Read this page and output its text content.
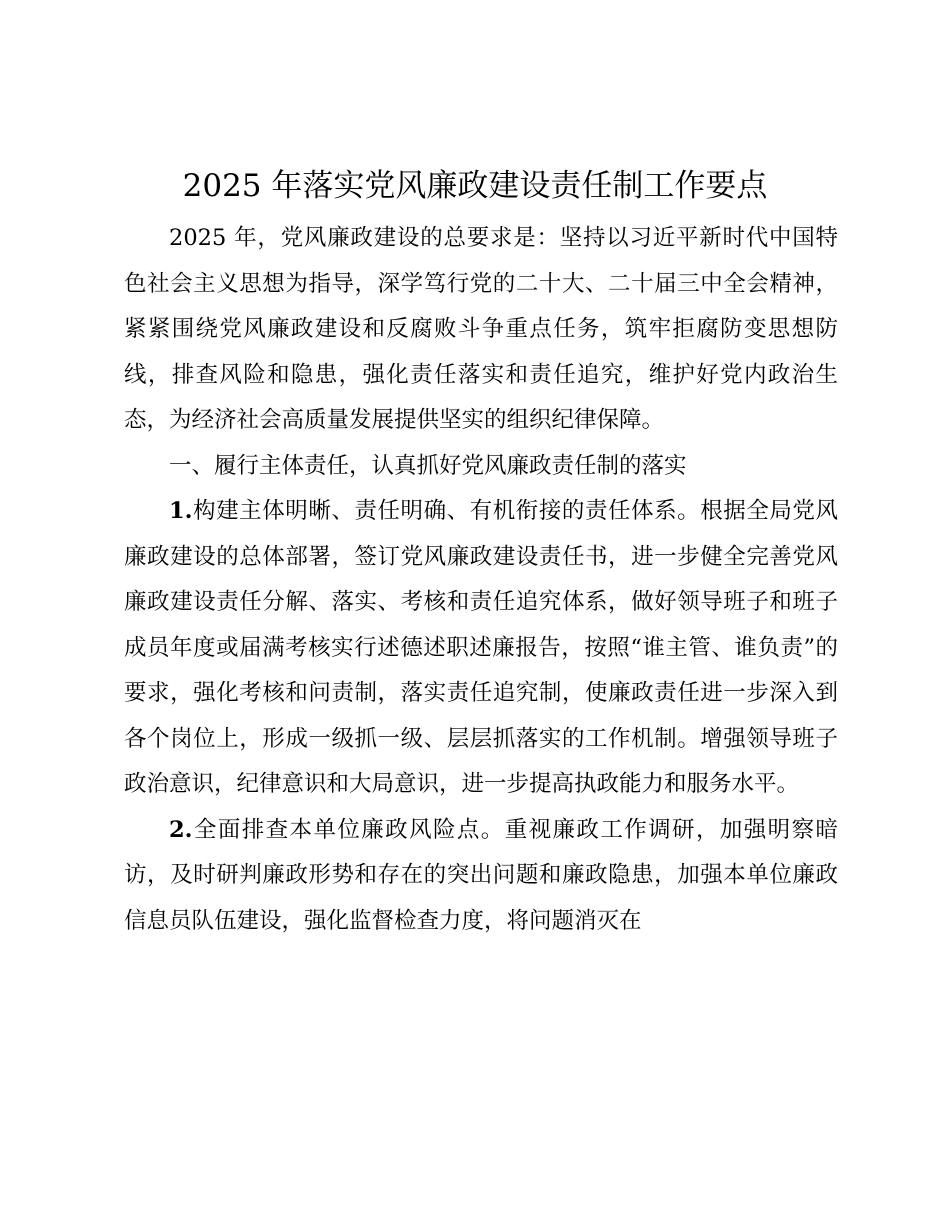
2025 年落实党风廉政建设责任制工作要点

2025 年，党风廉政建设的总要求是：坚持以习近平新时代中国特色社会主义思想为指导，深学笃行党的二十大、二十届三中全会精神，紧紧围绕党风廉政建设和反腐败斗争重点任务，筑牢拒腐防变思想防线，排查风险和隐患，强化责任落实和责任追究，维护好党内政治生态，为经济社会高质量发展提供坚实的组织纪律保障。

一、履行主体责任，认真抓好党风廉政责任制的落实

1.构建主体明晰、责任明确、有机衔接的责任体系。根据全局党风廉政建设的总体部署，签订党风廉政建设责任书，进一步健全完善党风廉政建设责任分解、落实、考核和责任追究体系，做好领导班子和班子成员年度或届满考核实行述德述职述廉报告，按照“谁主管、谁负责”的要求，强化考核和问责制，落实责任追究制，使廉政责任进一步深入到各个岗位上，形成一级抓一级、层层抓落实的工作机制。增强领导班子政治意识，纪律意识和大局意识，进一步提高执政能力和服务水平。

2.全面排查本单位廉政风险点。重视廉政工作调研，加强明察暗访，及时研判廉政形势和存在的突出问题和廉政隐患，加强本单位廉政信息员队伍建设，强化监督检查力度，将问题消灭在
